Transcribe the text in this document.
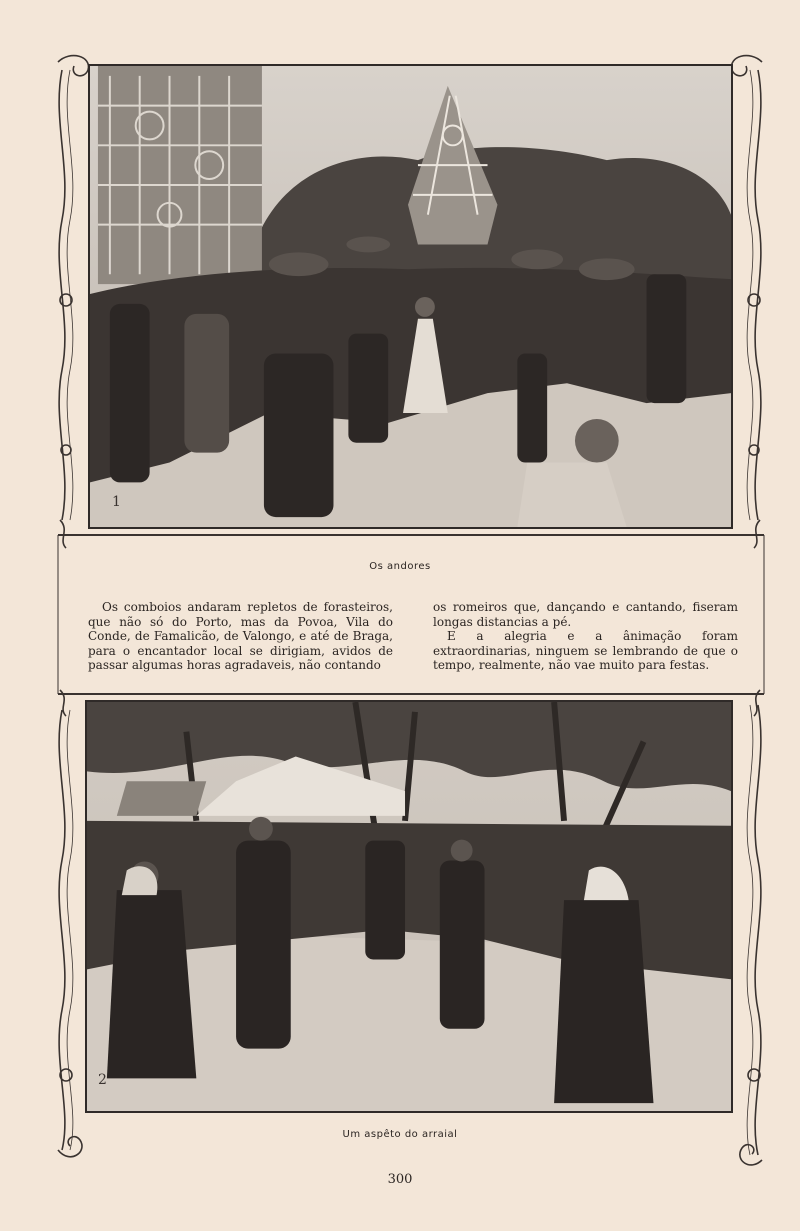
1
Os andores

Os comboios andaram repletos de forasteiros, que não só do Porto, mas da Povoa, Vila do Conde, de Famalicão, de Valongo, e até de Braga, para o encantador local se dirigiam, avidos de passar algumas horas agradaveis, não contando

os romeiros que, dançando e cantando, fiseram longas distancias a pé.

E a alegria e a ânimação foram extraordinarias, ninguem se lembrando de que o tempo, realmente, não vae muito para festas.

2
Um aspêto do arraial
300
